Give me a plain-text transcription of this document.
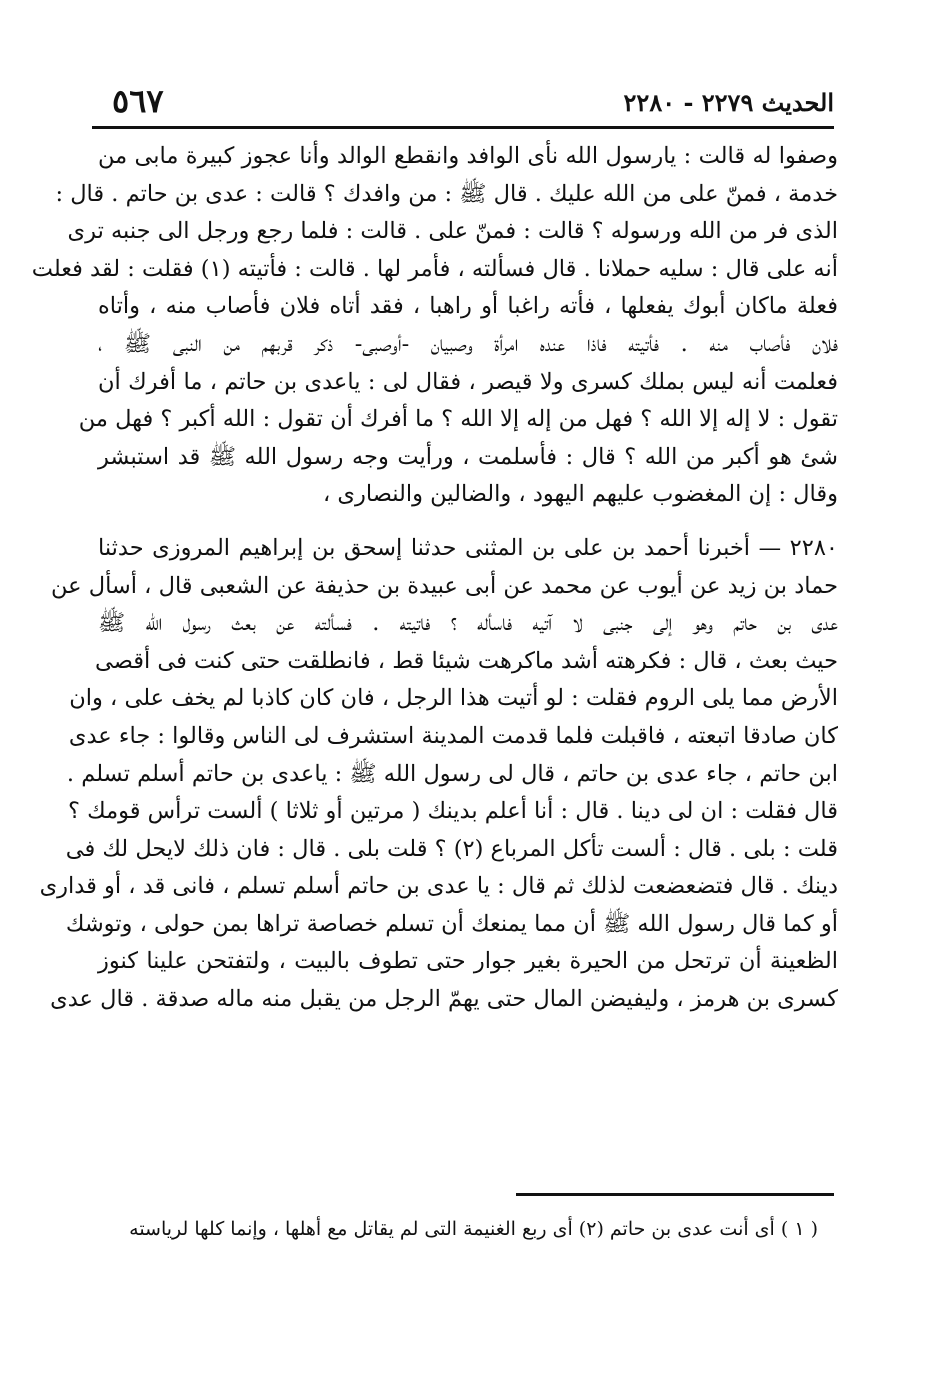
الحديث ٢٢٧٩ - ٢٢٨٠
٥٦٧
وصفوا له قالت : يارسول الله نأى الوافد وانقطع الوالد وأنا عجوز كبيرة مابى من
خدمة ، فمنّ على من الله عليك . قال ﷺ : من وافدك ؟ قالت : عدى بن حاتم . قال :
الذى فر من الله ورسوله ؟ قالت : فمنّ على . قالت : فلما رجع ورجل الى جنبه ترى
أنه على قال : سليه حملانا . قال فسألته ، فأمر لها . قالت : فأتيته (١) فقلت : لقد فعلت
فعلة ماكان أبوك يفعلها ، فأته راغبا أو راهبا ، فقد أتاه فلان فأصاب منه ، وأتاه
فلان فأصاب منه . فأتيته فاذا عنده امرأة وصبيان -أوصبى- ذكر قربهم من النبى ﷺ ،
فعلمت أنه ليس بملك كسرى ولا قيصر ، فقال لى : ياعدى بن حاتم ، ما أفرك أن
تقول : لا إله إلا الله ؟ فهل من إله إلا الله ؟ ما أفرك أن تقول : الله أكبر ؟ فهل من
شئ هو أكبر من الله ؟ قال : فأسلمت ، ورأيت وجه رسول الله ﷺ قد استبشر
وقال : إن المغضوب عليهم اليهود ، والضالين والنصارى ،
٢٢٨٠ — أخبرنا أحمد بن على بن المثنى حدثنا إسحق بن إبراهيم المروزى حدثنا
حماد بن زيد عن أيوب عن محمد عن أبى عبيدة بن حذيفة عن الشعبى قال ، أسأل عن
عدى بن حاتم وهو إلى جنبى لا آتيه فاسأله ؟ فاتيته . فسألته عن بعث رسول الله ﷺ
حيث بعث ، قال : فكرهته أشد ماكرهت شيئا قط ، فانطلقت حتى كنت فى أقصى
الأرض مما يلى الروم فقلت : لو أتيت هذا الرجل ، فان كان كاذبا لم يخف على ، وان
كان صادقا اتبعته ، فاقبلت فلما قدمت المدينة استشرف لى الناس وقالوا : جاء عدى
ابن حاتم ، جاء عدى بن حاتم ، قال لى رسول الله ﷺ : ياعدى بن حاتم أسلم تسلم .
قال فقلت : ان لى دينا . قال : أنا أعلم بدينك ( مرتين أو ثلاثا ) ألست ترأس قومك ؟
قلت : بلى . قال : ألست تأكل المرباع (٢) ؟ قلت بلى . قال : فان ذلك لايحل لك فى
دينك . قال فتضعضعت لذلك ثم قال : يا عدى بن حاتم أسلم تسلم ، فانى قد ، أو قدارى
أو كما قال رسول الله ﷺ أن مما يمنعك أن تسلم خصاصة تراها بمن حولى ، وتوشك
الظعينة أن ترتحل من الحيرة بغير جوار حتى تطوف بالبيت ، ولتفتحن علينا كنوز
كسرى بن هرمز ، وليفيضن المال حتى يهمّ الرجل من يقبل منه ماله صدقة . قال عدى
( ١ ) أى أنت عدى بن حاتم (٢) أى ربع الغنيمة التى لم يقاتل مع أهلها ، وإنما كلها لرياسته
